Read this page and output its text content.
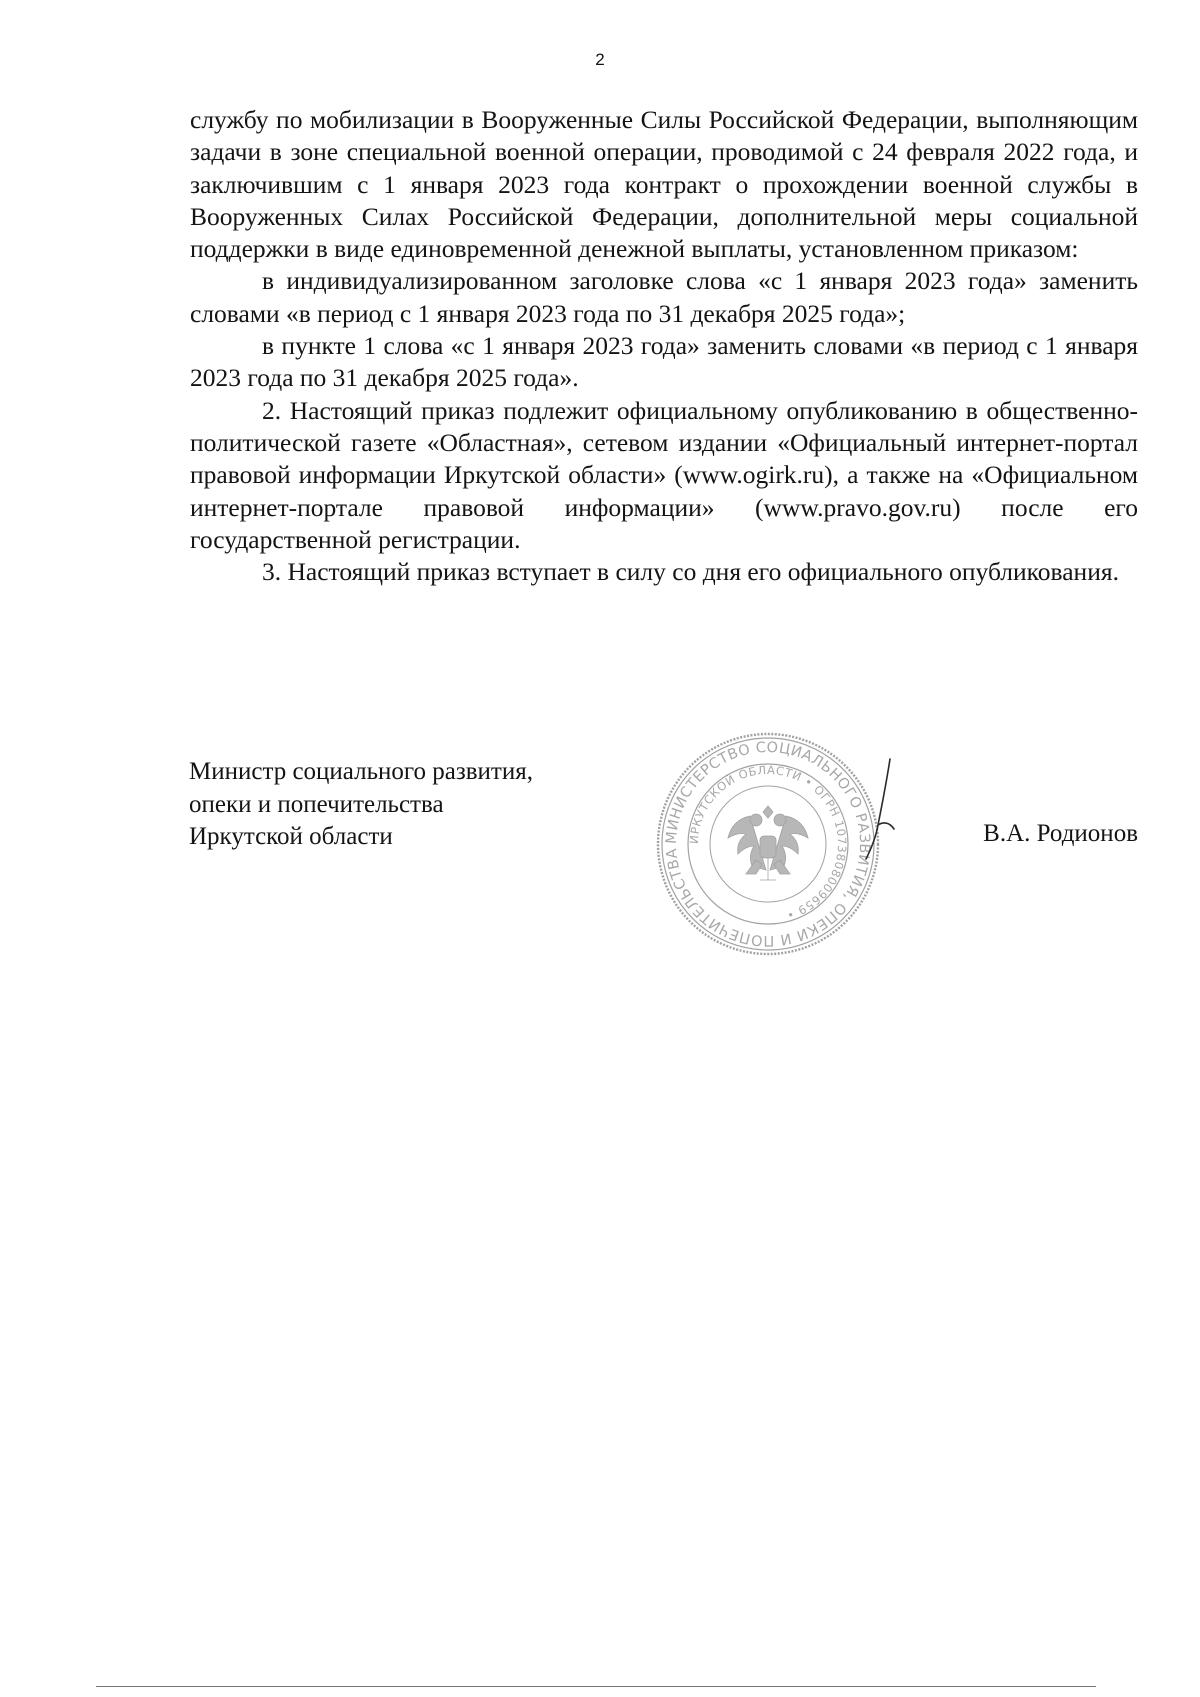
2

службу по мобилизации в Вооруженные Силы Российской Федерации, выполняющим задачи в зоне специальной военной операции, проводимой с 24 февраля 2022 года, и заключившим с 1 января 2023 года контракт о прохождении военной службы в Вооруженных Силах Российской Федерации, дополнительной меры социальной поддержки в виде единовременной денежной выплаты, установленном приказом:

в индивидуализированном заголовке слова «с 1 января 2023 года» заменить словами «в период с 1 января 2023 года по 31 декабря 2025 года»;

в пункте 1 слова «с 1 января 2023 года» заменить словами «в период с 1 января 2023 года по 31 декабря 2025 года».

2. Настоящий приказ подлежит официальному опубликованию в общественно-политической газете «Областная», сетевом издании «Официальный интернет-портал правовой информации Иркутской области» (www.ogirk.ru), а также на «Официальном интернет-портале правовой информации» (www.pravo.gov.ru) после его государственной регистрации.

3. Настоящий приказ вступает в силу со дня его официального опубликования.

Министр социального развития,
опеки и попечительства
Иркутской области	МИНИСТЕРСТВО СОЦИАЛЬНОГО РАЗВИТИЯ, ОПЕКИ И ПОПЕЧИТЕЛЬСТВА
ИРКУТСКОЙ ОБЛАСТИ • ОГРН 1073808009659 •
В.А. Родионов
